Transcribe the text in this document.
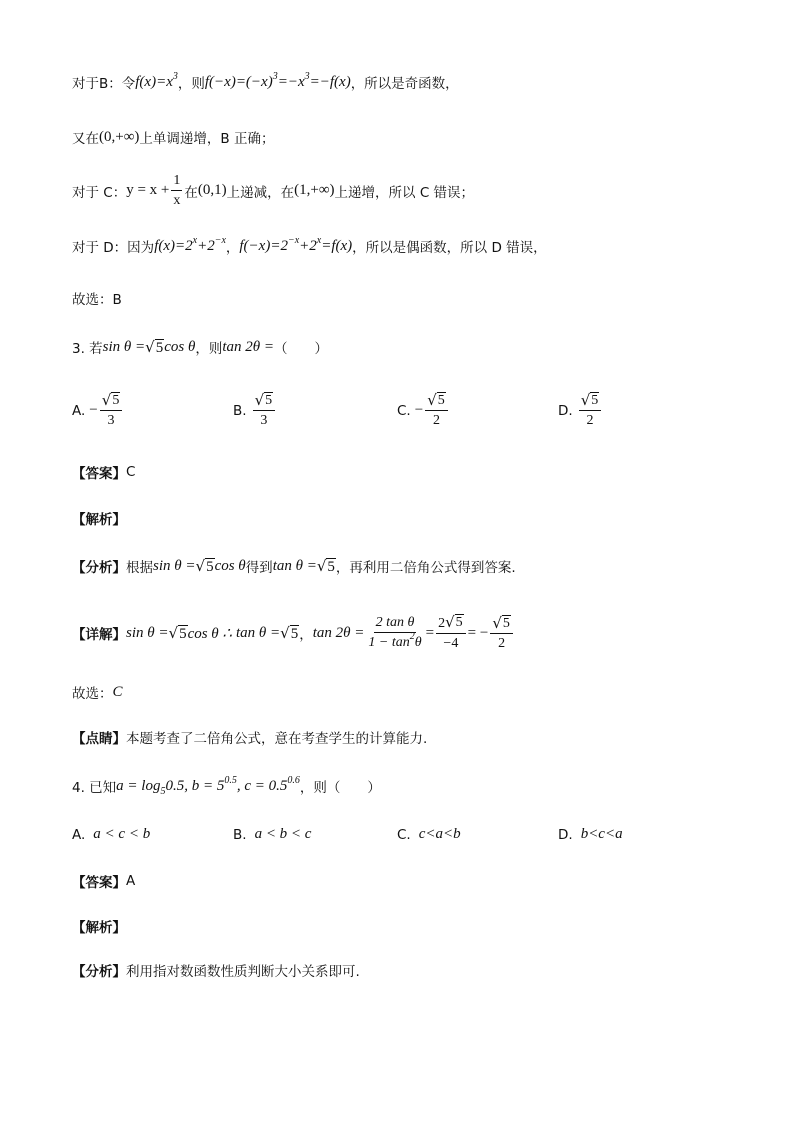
对于B：令 $f(x)=x^3$ ，则 $f(-x)=(-x)^3=-x^3=-f(x)$ ，所以是奇函数，
又在 (0,+∞) 上单调递增，B 正确；
对于 C： $y = x + \frac{1}{x}$ 在 (0,1) 上递减，在 (1,+∞) 上递增，所以 C 错误；
对于 D：因为 $f(x)=2^x+2^{-x}$ ， $f(-x)=2^{-x}+2^x=f(x)$ ，所以是偶函数，所以 D 错误，
故选：B
3. 若 sin θ = √ 5 cos θ ，则 tan 2θ = （　　）
A. − $\frac{√ 5}{3}$	B. $\frac{√ 5}{3}$	C. − $\frac{√ 5}{2}$	D. $\frac{√ 5}{2}$
【答案】 C
【解析】
【分析】 根据 sin θ = √ 5 cos θ 得到 tan θ = √ 5 ，再利用二倍角公式得到答案.
【详解】 sin θ = √ 5 cos θ ∴ tan θ = √ 5 ， $\tan 2\theta = \frac{\text{2 tan θ}}{1 - \tan^2\theta} = \frac{2 √ 5}{-4}$ = − $\frac{√ 5}{2}$
故选： C
【点睛】 本题考查了二倍角公式，意在考查学生的计算能力.
4. 已知 $a = \log_50.5$, $b = 5^{0.5}$, $c = 0.5^{0.6}$ ，则（　　）
A. a < c < b	B. a < b < c	C. c<a<b	D. b<c<a
【答案】 A
【解析】
【分析】 利用指对数函数性质判断大小关系即可.
